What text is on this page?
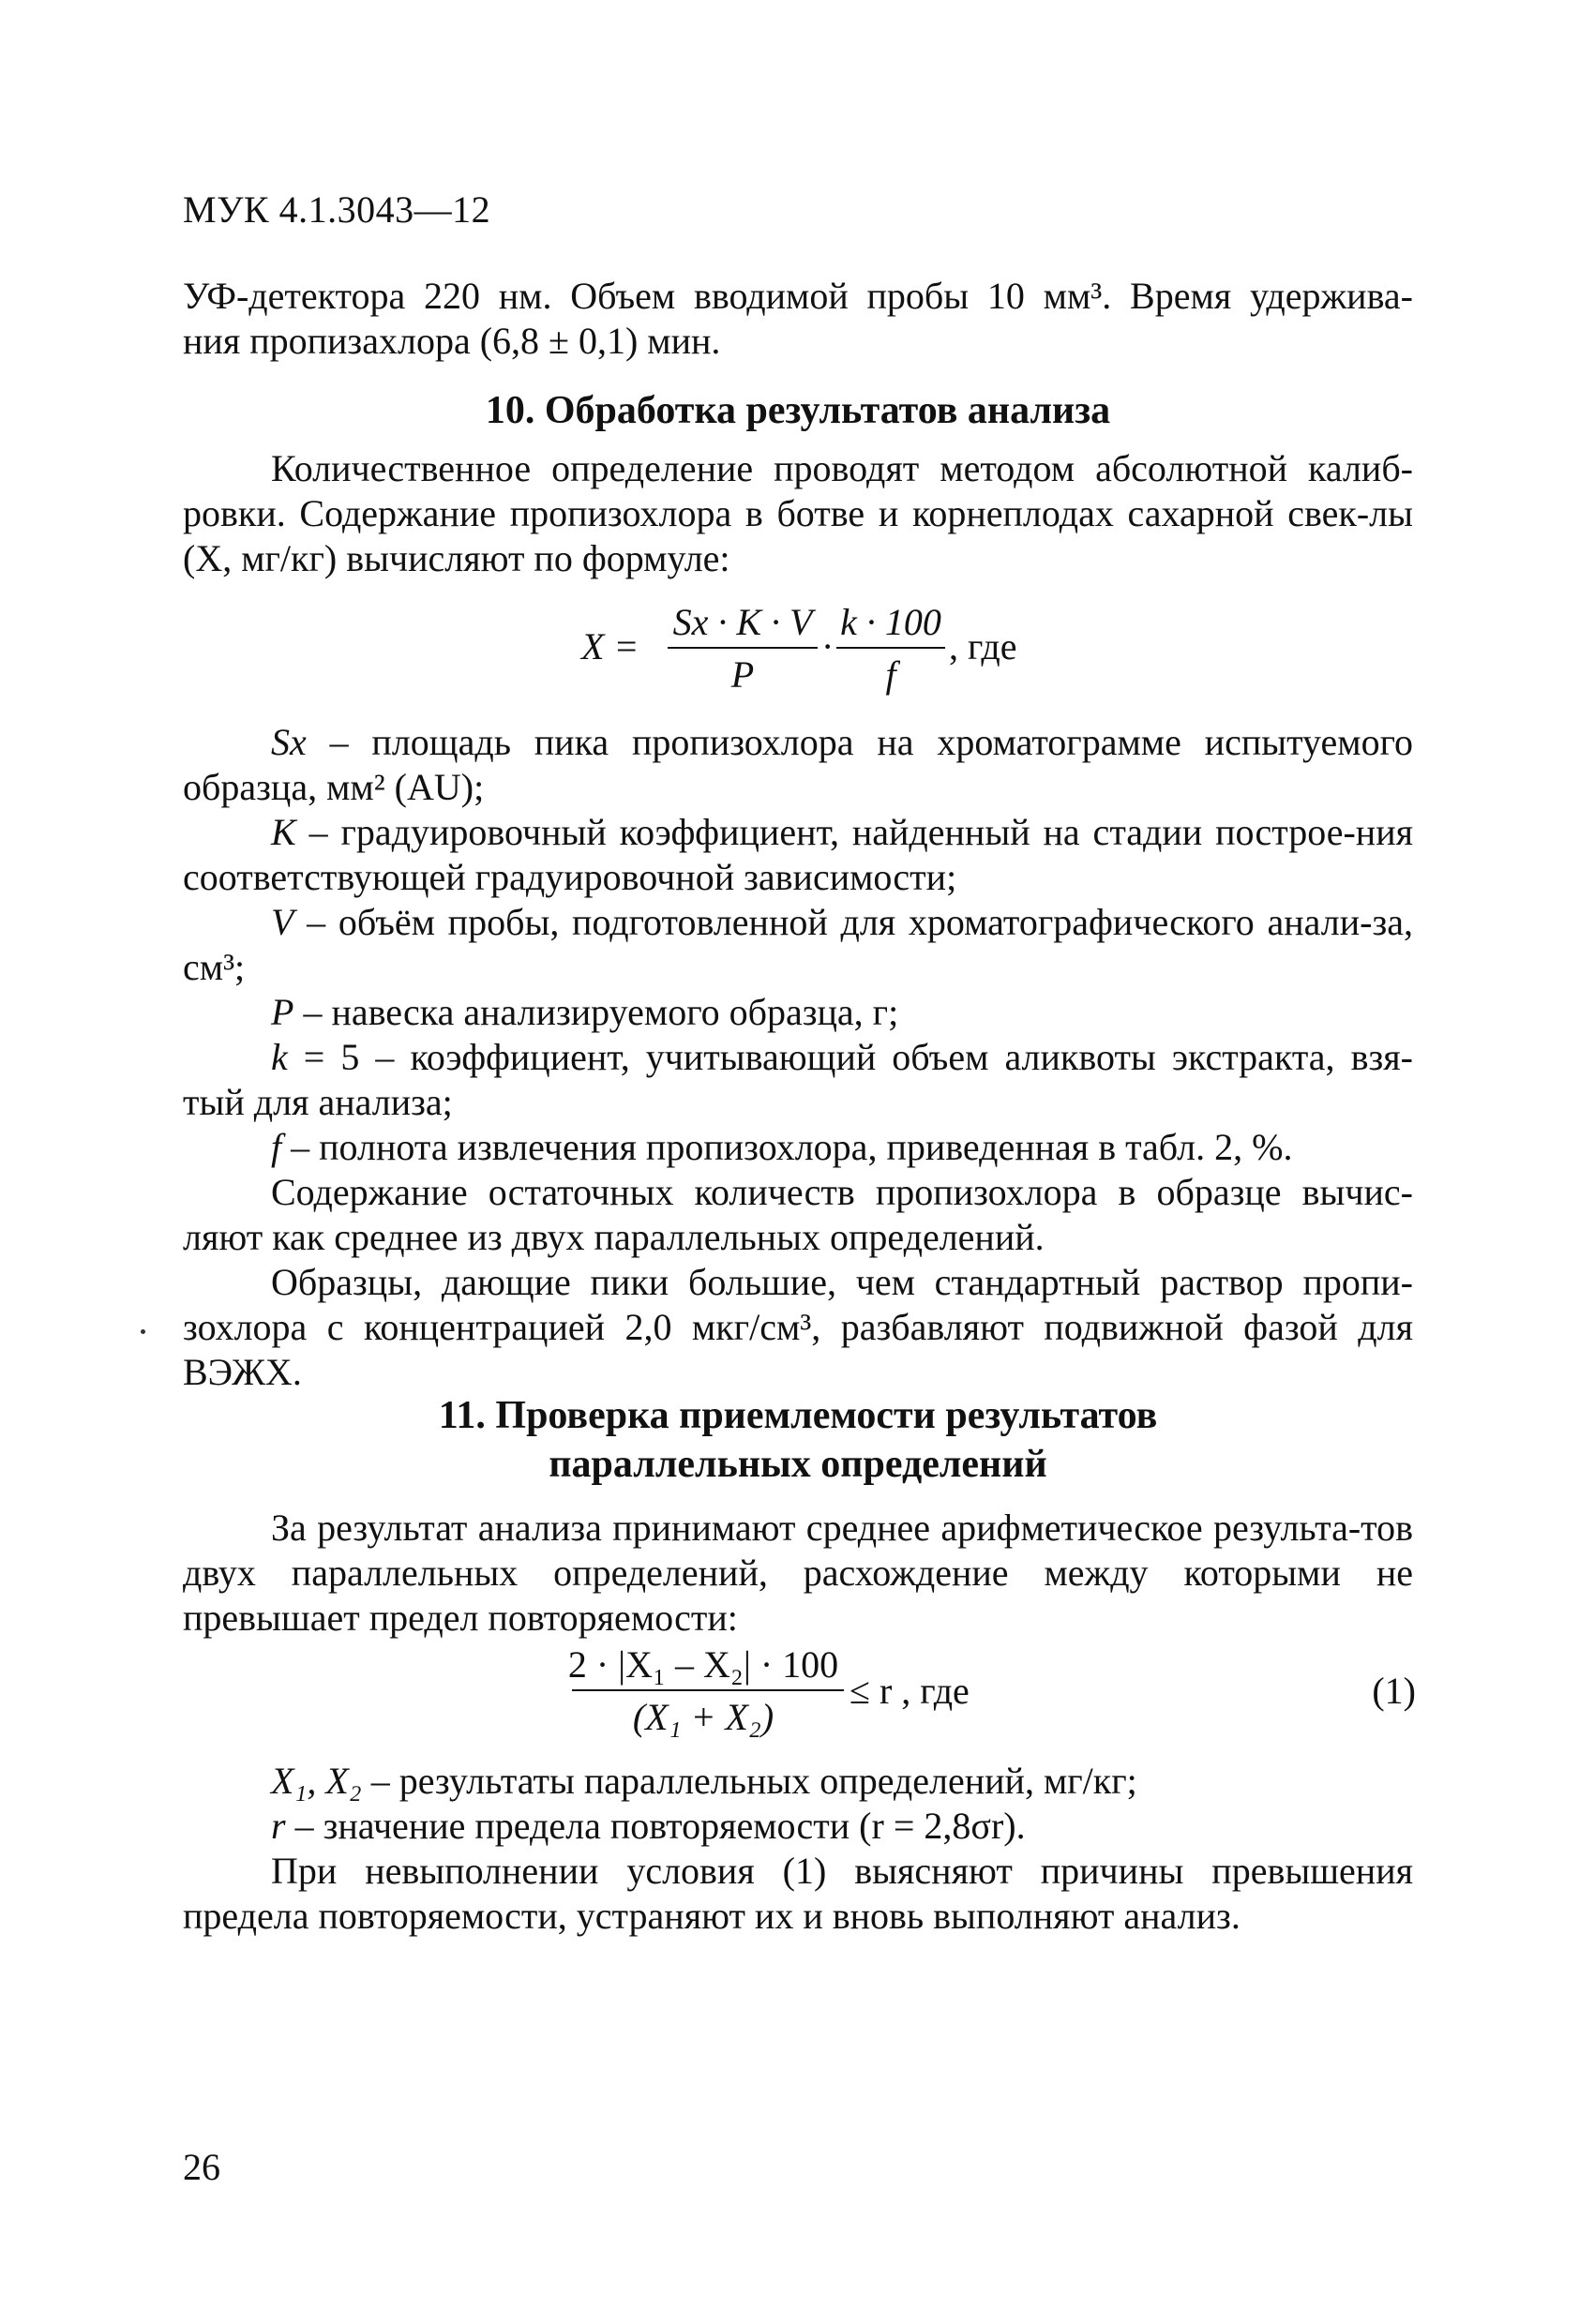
МУК 4.1.3043—12

УФ-детектора 220 нм. Объем вводимой пробы 10 мм³. Время удержива-

ния пропизахлора (6,8 ± 0,1) мин.

10. Обработка результатов анализа

Количественное определение проводят методом абсолютной калиб-ровки. Содержание пропизохлора в ботве и корнеплодах сахарной свек-лы (X, мг/кг) вычисляют по формуле:

X =
Sx · K · V
P
·
k · 100
f
, где

Sx – площадь пика пропизохлора на хроматограмме испытуемого образца, мм² (AU);

K – градуировочный коэффициент, найденный на стадии построе-ния соответствующей градуировочной зависимости;

V – объём пробы, подготовленной для хроматографического анали-за, см³;

P – навеска анализируемого образца, г;

k = 5 – коэффициент, учитывающий объем аликвоты экстракта, взя-тый для анализа;

f – полнота извлечения пропизохлора, приведенная в табл. 2, %.

Содержание остаточных количеств пропизохлора в образце вычис-ляют как среднее из двух параллельных определений.

Образцы, дающие пики большие, чем стандартный раствор пропи-зохлора с концентрацией 2,0 мкг/см³, разбавляют подвижной фазой для ВЭЖХ.

11. Проверка приемлемости результатов
параллельных определений

За результат анализа принимают среднее арифметическое результа-тов двух параллельных определений, расхождение между которыми не превышает предел повторяемости:

2 · |X₁ – X₂| · 100
(X₁ + X₂)
≤ r , где	(1)

X₁, X₂ – результаты параллельных определений, мг/кг;

r – значение предела повторяемости (r = 2,8σr).

При невыполнении условия (1) выясняют причины превышения предела повторяемости, устраняют их и вновь выполняют анализ.

26
